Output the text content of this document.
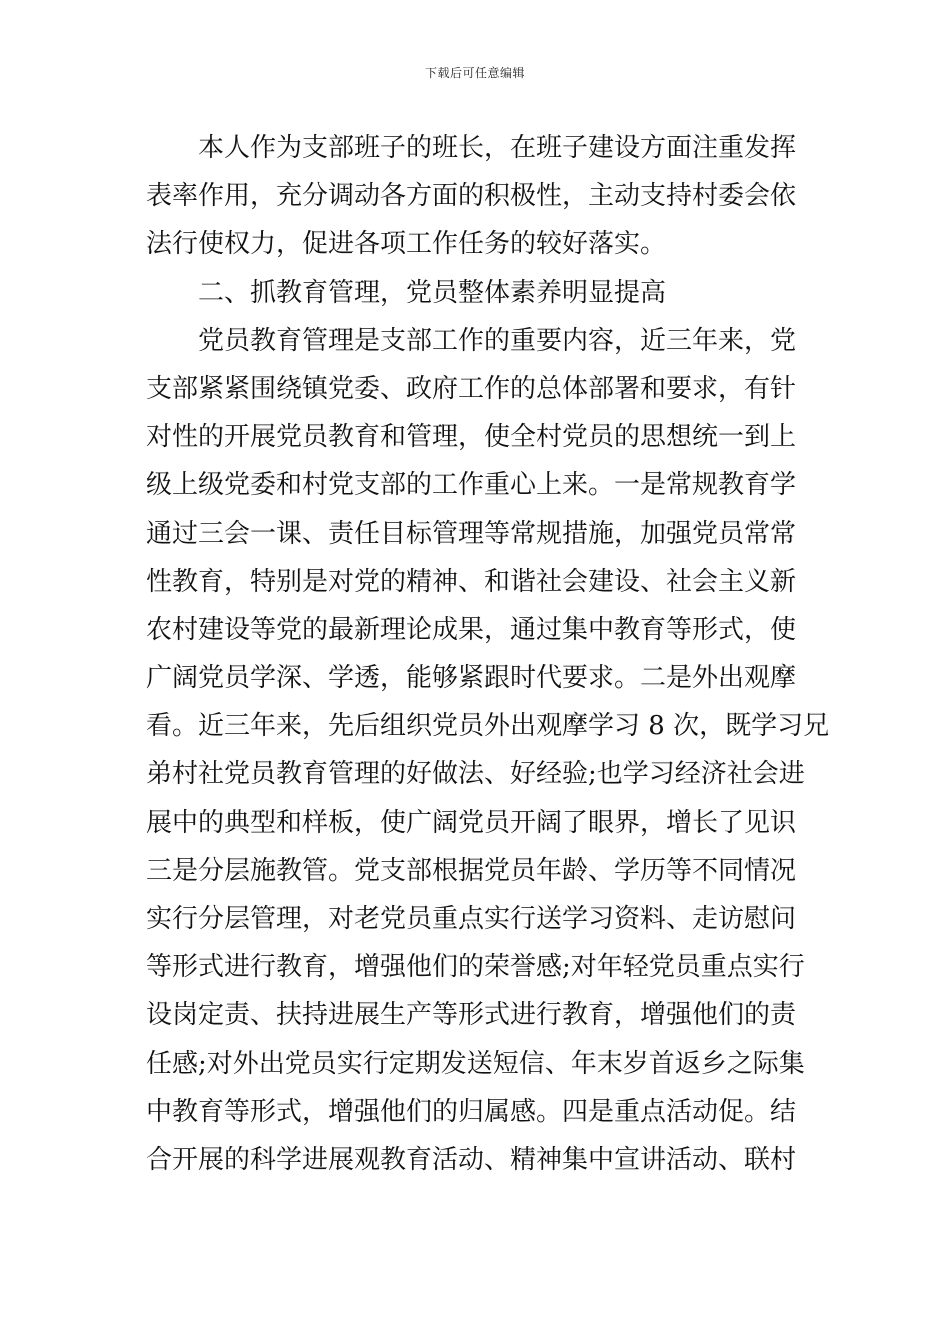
下载后可任意编辑
本人作为支部班子的班长，在班子建设方面注重发挥
表率作用，充分调动各方面的积极性，主动支持村委会依
法行使权力，促进各项工作任务的较好落实。
二、抓教育管理，党员整体素养明显提高
党员教育管理是支部工作的重要内容，近三年来，党
支部紧紧围绕镇党委、政府工作的总体部署和要求，有针
对性的开展党员教育和管理，使全村党员的思想统一到上
级上级党委和村党支部的工作重心上来。一是常规教育学
通过三会一课、责任目标管理等常规措施，加强党员常常
性教育，特别是对党的精神、和谐社会建设、社会主义新
农村建设等党的最新理论成果，通过集中教育等形式，使
广阔党员学深、学透，能够紧跟时代要求。二是外出观摩
看。近三年来，先后组织党员外出观摩学习 8 次，既学习兄
弟村社党员教育管理的好做法、好经验;也学习经济社会进
展中的典型和样板，使广阔党员开阔了眼界，增长了见识
三是分层施教管。党支部根据党员年龄、学历等不同情况
实行分层管理，对老党员重点实行送学习资料、走访慰问
等形式进行教育，增强他们的荣誉感;对年轻党员重点实行
设岗定责、扶持进展生产等形式进行教育，增强他们的责
任感;对外出党员实行定期发送短信、年末岁首返乡之际集
中教育等形式，增强他们的归属感。四是重点活动促。结
合开展的科学进展观教育活动、精神集中宣讲活动、联村
